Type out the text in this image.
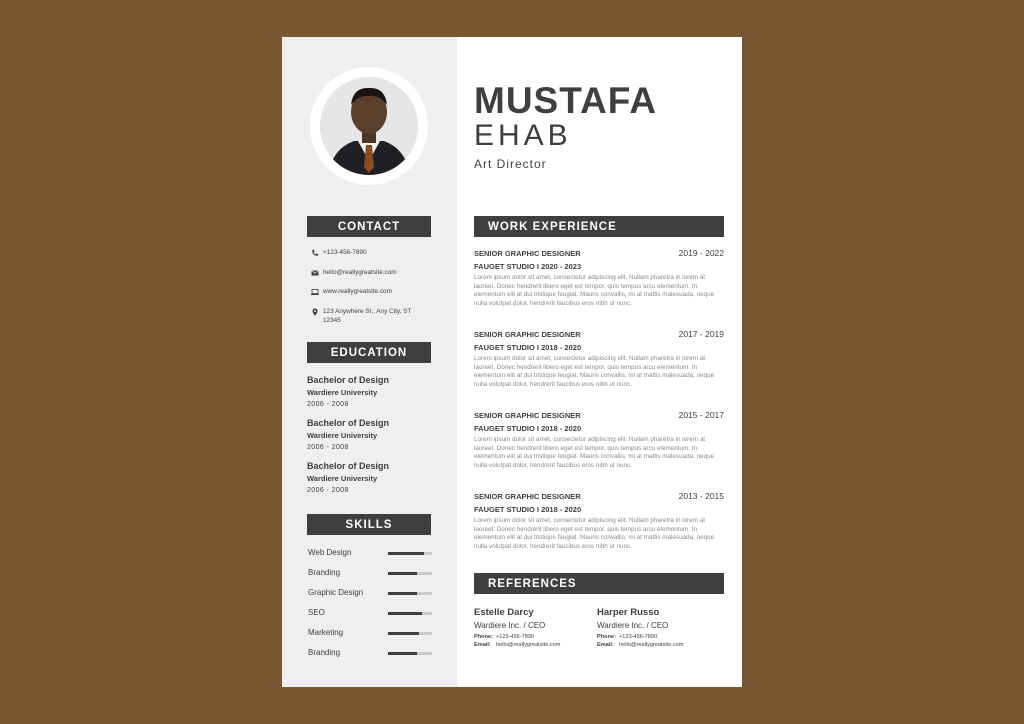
CONTACT
+123-456-7890
hello@reallygreatsite.com
www.reallygreatsite.com
123 Anywhere St., Any City, ST 12345
EDUCATION
Bachelor of Design
Wardiere University
2006 - 2008
Bachelor of Design
Wardiere University
2006 - 2008
Bachelor of Design
Wardiere University
2006 - 2008
SKILLS
Web Design
Branding
Graphic Design
SEO
Marketing
Branding
MUSTAFA
EHAB
Art Director
WORK EXPERIENCE
SENIOR GRAPHIC DESIGNER	2019 - 2022
FAUGET STUDIO I 2020 - 2023
Lorem ipsum dolor sit amet, consectetur adipiscing elit. Nullam pharetra in lorem at laoreet. Donec hendrerit libero eget est tempor, quis tempus arcu elementum. In elementum elit at dui tristique feugiat. Mauris convallis, mi at mattis malesuada, neque nulla volutpat dolor, hendrerit faucibus eros nibh ut nunc.
SENIOR GRAPHIC DESIGNER	2017 - 2019
FAUGET STUDIO I 2018 - 2020
Lorem ipsum dolor sit amet, consectetur adipiscing elit. Nullam pharetra in lorem at laoreet. Donec hendrerit libero eget est tempor, quis tempus arcu elementum. In elementum elit at dui tristique feugiat. Mauris convallis, mi at mattis malesuada, neque nulla volutpat dolor, hendrerit faucibus eros nibh ut nunc.
SENIOR GRAPHIC DESIGNER	2015 - 2017
FAUGET STUDIO I 2018 - 2020
Lorem ipsum dolor sit amet, consectetur adipiscing elit. Nullam pharetra in lorem at laoreet. Donec hendrerit libero eget est tempor, quis tempus arcu elementum. In elementum elit at dui tristique feugiat. Mauris convallis, mi at mattis malesuada, neque nulla volutpat dolor, hendrerit faucibus eros nibh ut nunc.
SENIOR GRAPHIC DESIGNER	2013 - 2015
FAUGET STUDIO I 2018 - 2020
Lorem ipsum dolor sit amet, consectetur adipiscing elit. Nullam pharetra in lorem at laoreet. Donec hendrerit libero eget est tempor, quis tempus arcu elementum. In elementum elit at dui tristique feugiat. Mauris convallis, mi at mattis malesuada, neque nulla volutpat dolor, hendrerit faucibus eros nibh ut nunc.
REFERENCES
Estelle Darcy
Wardiere Inc. / CEO
Phone: +123-456-7890
Email: hello@reallygreatsite.com
Harper Russo
Wardiere Inc. / CEO
Phone: +123-456-7890
Email: hello@reallygreatsite.com
